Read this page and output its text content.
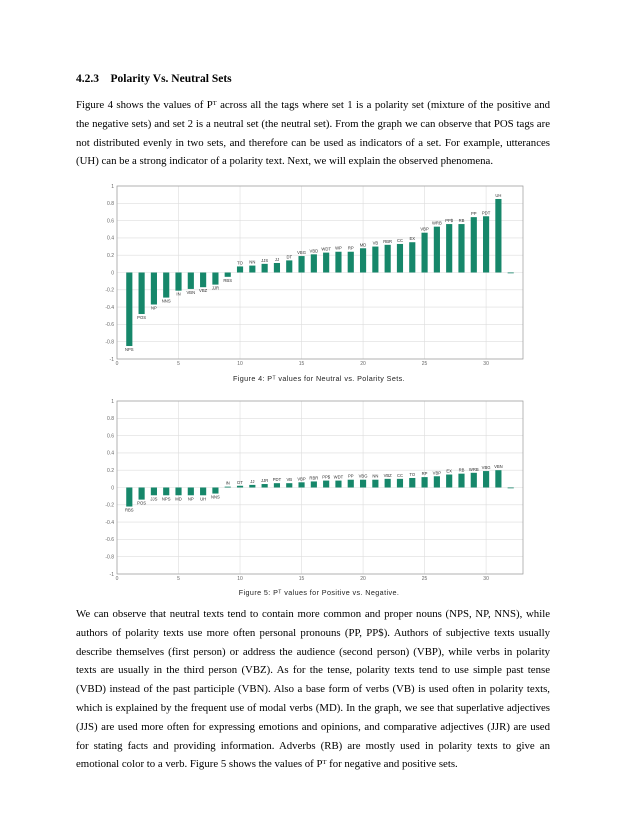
4.2.3 Polarity Vs. Neutral Sets
Figure 4 shows the values of Pᵀ across all the tags where set 1 is a polarity set (mixture of the positive and the negative sets) and set 2 is a neutral set (the neutral set). From the graph we can observe that POS tags are not distributed evenly in two sets, and therefore can be used as indicators of a set. For example, utterances (UH) can be a strong indicator of a polarity text. Next, we will explain the observed phenomena.
-1
-0.8
-0.6
-0.4
-0.2
0
0.2
0.4
0.6
0.8
1
0	5	10	15	20	25	30
NPS
POS
NP
NNS
IN VBN VBZ
JJR
RBS
TO NN JJS JJ
DT
VBG VBD WDT WP RP
MD VB RBR CC EX
VBP
WRB
PP$ RB
PP PDT
UH
Figure 4: Pᵀ values for Neutral vs. Polarity Sets.
-1
-0.8
-0.6
-0.4
-0.2
0
0.2
0.4
0.6
0.8
1
0	5	10	15	20	25	30
RBS
POS
JJS NPS MD NP UH NNS
IN DT JJ JJR PDT VB VBP RBR PP$ WDT PP VBG NN VBZ CC TO RP VBP EX RB WRB VBG VBN
Figure 5: Pᵀ values for Positive vs. Negative.
We can observe that neutral texts tend to contain more common and proper nouns (NPS, NP, NNS), while authors of polarity texts use more often personal pronouns (PP, PP$). Authors of subjective texts usually describe themselves (first person) or address the audience (second person) (VBP), while verbs in polarity texts are usually in the third person (VBZ). As for the tense, polarity texts tend to use simple past tense (VBD) instead of the past participle (VBN). Also a base form of verbs (VB) is used often in polarity texts, which is explained by the frequent use of modal verbs (MD). In the graph, we see that superlative adjectives (JJS) are used more often for expressing emotions and opinions, and comparative adjectives (JJR) are used for stating facts and providing information. Adverbs (RB) are mostly used in polarity texts to give an emotional color to a verb. Figure 5 shows the values of Pᵀ for negative and positive sets.
